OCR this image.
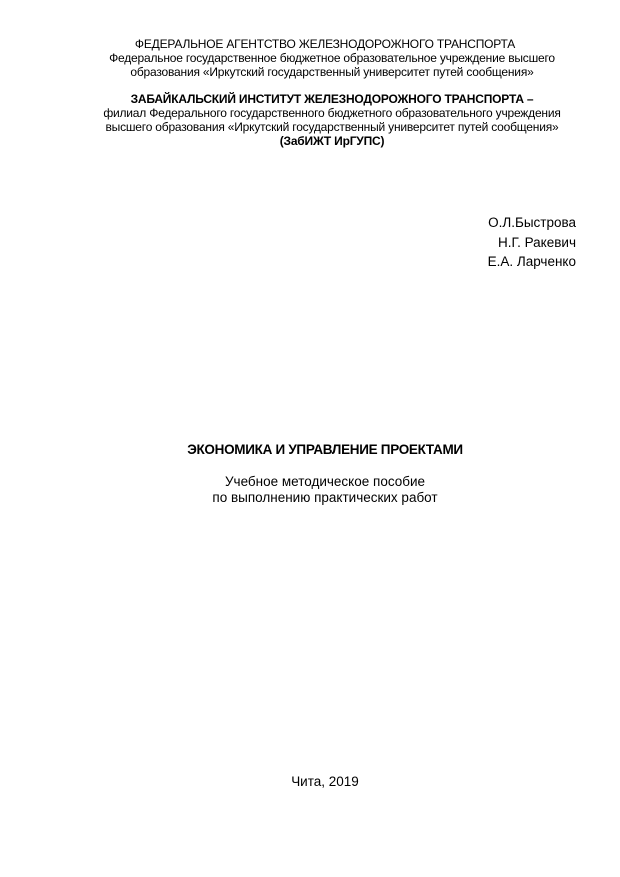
ФЕДЕРАЛЬНОЕ АГЕНТСТВО ЖЕЛЕЗНОДОРОЖНОГО ТРАНСПОРТА
Федеральное государственное бюджетное образовательное учреждение высшего
образования «Иркутский государственный университет путей сообщения»
ЗАБАЙКАЛЬСКИЙ ИНСТИТУТ ЖЕЛЕЗНОДОРОЖНОГО ТРАНСПОРТА –
филиал Федерального государственного бюджетного образовательного учреждения
высшего образования «Иркутский государственный университет путей сообщения»
(ЗабИЖТ ИрГУПС)
О.Л.Быстрова
Н.Г. Ракевич
Е.А. Ларченко
ЭКОНОМИКА И УПРАВЛЕНИЕ ПРОЕКТАМИ
Учебное методическое пособие
по выполнению практических работ
Чита, 2019
